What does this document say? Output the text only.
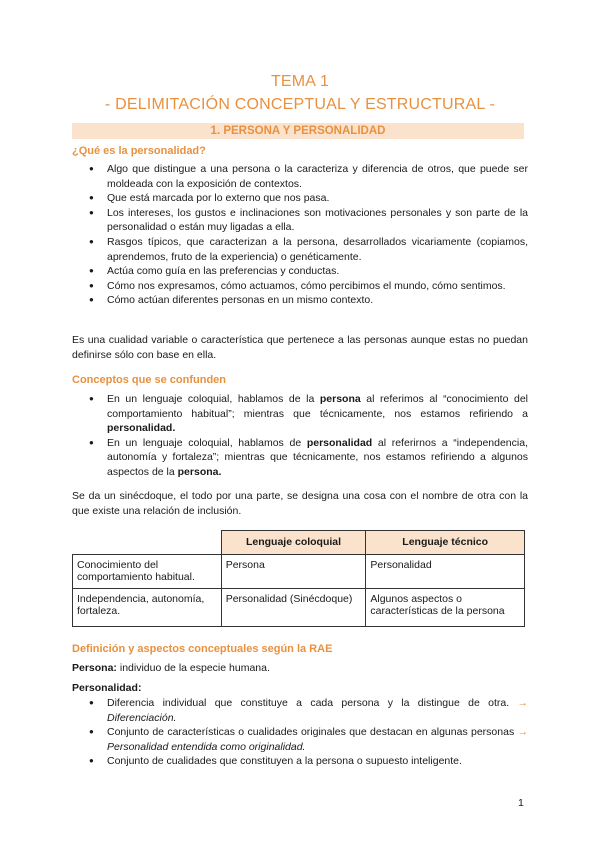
TEMA 1
- DELIMITACIÓN CONCEPTUAL Y ESTRUCTURAL -
1. PERSONA Y PERSONALIDAD
¿Qué es la personalidad?
● Algo que distingue a una persona o la caracteriza y diferencia de otros, que puede ser moldeada con la exposición de contextos.
● Que está marcada por lo externo que nos pasa.
● Los intereses, los gustos e inclinaciones son motivaciones personales y son parte de la personalidad o están muy ligadas a ella.
● Rasgos típicos, que caracterizan a la persona, desarrollados vicariamente (copiamos, aprendemos, fruto de la experiencia) o genéticamente.
● Actúa como guía en las preferencias y conductas.
● Cómo nos expresamos, cómo actuamos, cómo percibimos el mundo, cómo sentimos.
● Cómo actúan diferentes personas en un mismo contexto.

Es una cualidad variable o característica que pertenece a las personas aunque estas no puedan definirse sólo con base en ella.

Conceptos que se confunden
● En un lenguaje coloquial, hablamos de la persona al referimos al “conocimiento del comportamiento habitual”; mientras que técnicamente, nos estamos refiriendo a personalidad.
● En un lenguaje coloquial, hablamos de personalidad al referirnos a “independencia, autonomía y fortaleza”; mientras que técnicamente, nos estamos refiriendo a algunos aspectos de la persona.

Se da un sinécdoque, el todo por una parte, se designa una cosa con el nombre de otra con la que existe una relación de inclusión.

	Lenguaje coloquial	Lenguaje técnico
Conocimiento del comportamiento habitual.	Persona	Personalidad
Independencia, autonomía, fortaleza.	Personalidad (Sinécdoque)	Algunos aspectos o características de la persona
Definición y aspectos conceptuales según la RAE
Persona: individuo de la especie humana.
Personalidad:
● Diferencia individual que constituye a cada persona y la distingue de otra. → Diferenciación.
● Conjunto de características o cualidades originales que destacan en algunas personas → Personalidad entendida como originalidad.
● Conjunto de cualidades que constituyen a la persona o supuesto inteligente.
1
